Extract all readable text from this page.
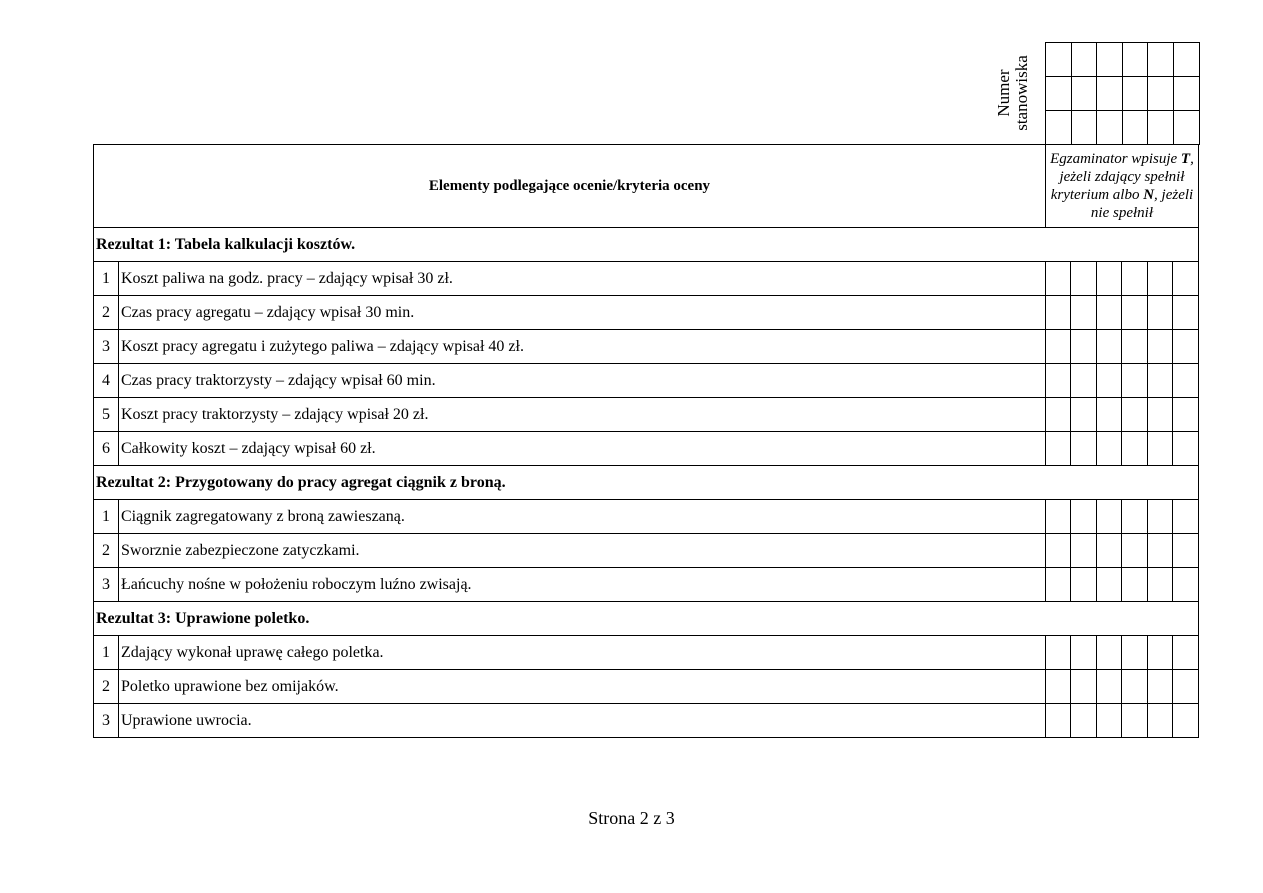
Numer stanowiska

Elementy podlegające ocenie/kryteria oceny		Egzaminator wpisuje T, jeżeli zdający spełnił kryterium albo N, jeżeli nie spełnił					
Rezultat 1: Tabela kalkulacji kosztów.							
1	Koszt paliwa na godz. pracy – zdający wpisał 30 zł.						
2	Czas pracy agregatu – zdający wpisał 30 min.						
3	Koszt pracy agregatu i zużytego paliwa – zdający wpisał 40 zł.						
4	Czas pracy traktorzysty – zdający wpisał 60 min.						
5	Koszt pracy traktorzysty – zdający wpisał 20 zł.						
6	Całkowity koszt – zdający wpisał 60 zł.						
Rezultat 2: Przygotowany do pracy agregat ciągnik z broną.							
1	Ciągnik zagregatowany z broną zawieszaną.						
2	Sworznie zabezpieczone zatyczkami.						
3	Łańcuchy nośne w położeniu roboczym luźno zwisają.						
Rezultat 3: Uprawione poletko.							
1	Zdający wykonał uprawę całego poletka.						
2	Poletko uprawione bez omijaków.						
3	Uprawione uwrocia.						
Strona 2 z 3
